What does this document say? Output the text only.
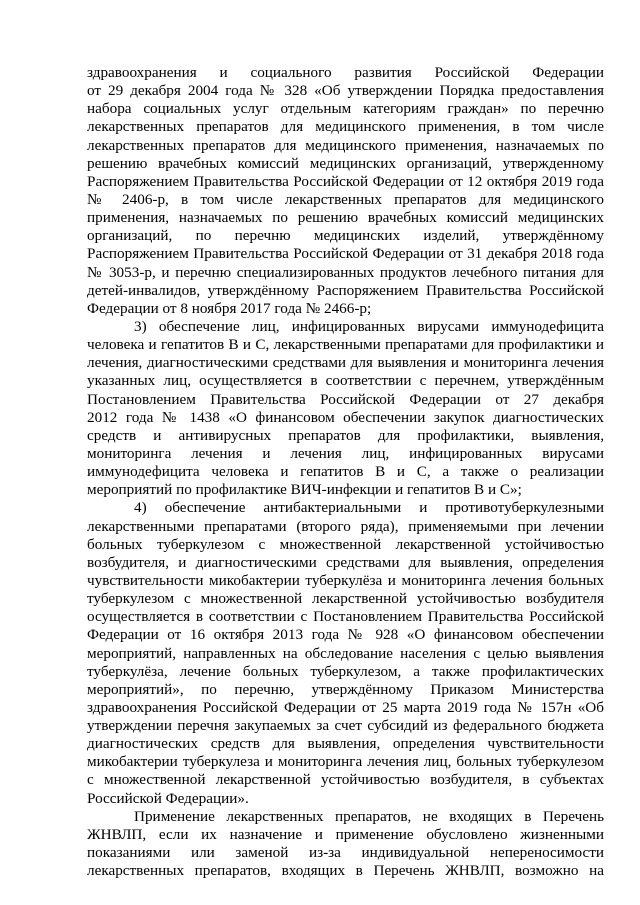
здравоохранения и социального развития Российской Федерации
от 29 декабря 2004 года № 328 «Об утверждении Порядка предоставления
набора социальных услуг отдельным категориям граждан» по перечню
лекарственных препаратов для медицинского применения, в том числе
лекарственных препаратов для медицинского применения, назначаемых по
решению врачебных комиссий медицинских организаций, утвержденному
Распоряжением Правительства Российской Федерации от 12 октября 2019 года
№ 2406-р, в том числе лекарственных препаратов для медицинского
применения, назначаемых по решению врачебных комиссий медицинских
организаций, по перечню медицинских изделий, утверждённому
Распоряжением Правительства Российской Федерации от 31 декабря 2018 года
№ 3053-р, и перечню специализированных продуктов лечебного питания для
детей-инвалидов, утверждённому Распоряжением Правительства Российской
Федерации от 8 ноября 2017 года № 2466-р;
3) обеспечение лиц, инфицированных вирусами иммунодефицита
человека и гепатитов В и С, лекарственными препаратами для профилактики и
лечения, диагностическими средствами для выявления и мониторинга лечения
указанных лиц, осуществляется в соответствии с перечнем, утверждённым
Постановлением Правительства Российской Федерации от 27 декабря
2012 года № 1438 «О финансовом обеспечении закупок диагностических
средств и антивирусных препаратов для профилактики, выявления,
мониторинга лечения и лечения лиц, инфицированных вирусами
иммунодефицита человека и гепатитов В и С, а также о реализации
мероприятий по профилактике ВИЧ-инфекции и гепатитов В и С»;
4) обеспечение антибактериальными и противотуберкулезными
лекарственными препаратами (второго ряда), применяемыми при лечении
больных туберкулезом с множественной лекарственной устойчивостью
возбудителя, и диагностическими средствами для выявления, определения
чувствительности микобактерии туберкулёза и мониторинга лечения больных
туберкулезом с множественной лекарственной устойчивостью возбудителя
осуществляется в соответствии с Постановлением Правительства Российской
Федерации от 16 октября 2013 года № 928 «О финансовом обеспечении
мероприятий, направленных на обследование населения с целью выявления
туберкулёза, лечение больных туберкулезом, а также профилактических
мероприятий», по перечню, утверждённому Приказом Министерства
здравоохранения Российской Федерации от 25 марта 2019 года № 157н «Об
утверждении перечня закупаемых за счет субсидий из федерального бюджета
диагностических средств для выявления, определения чувствительности
микобактерии туберкулеза и мониторинга лечения лиц, больных туберкулезом
с множественной лекарственной устойчивостью возбудителя, в субъектах
Российской Федерации».
Применение лекарственных препаратов, не входящих в Перечень
ЖНВЛП, если их назначение и применение обусловлено жизненными
показаниями или заменой из-за индивидуальной непереносимости
лекарственных препаратов, входящих в Перечень ЖНВЛП, возможно на
